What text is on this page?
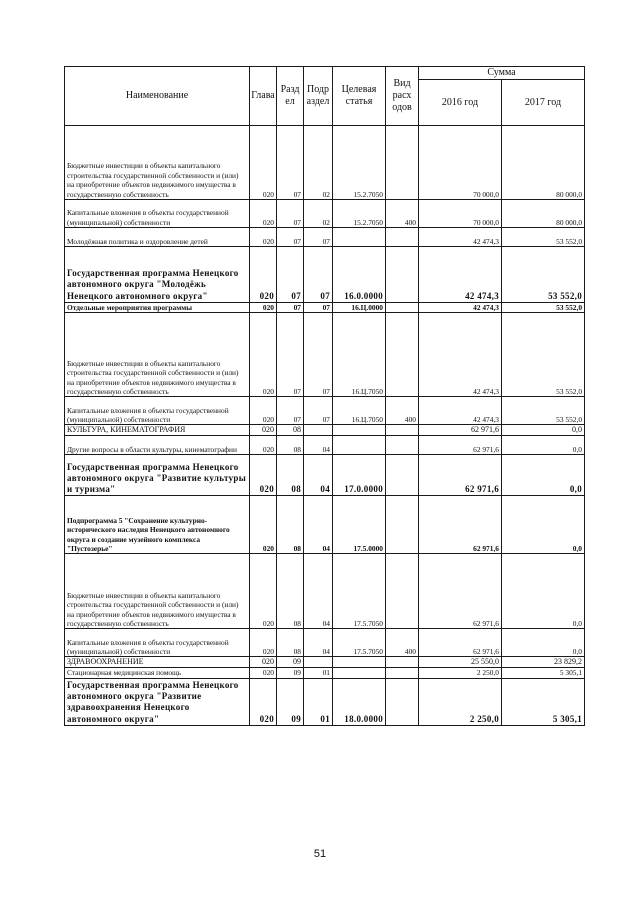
Наименование	Глава	Разд ел	Подр аздел	Целевая статья	Вид расх одов	Сумма	
						2016 год	2017 год
Бюджетные инвестиции в объекты капитального строительства государственной собственности и (или) на приобретение объектов недвижимого имущества в государственную собственность	020	07	02	15.2.7050		70 000,0	80 000,0
Капитальные вложения в объекты государственной (муниципальной) собственности	020	07	02	15.2.7050	400	70 000,0	80 000,0
Молодёжная политика и оздоровление детей	020	07	07			42 474,3	53 552,0
Государственная программа Ненецкого автономного округа "Молодёжь Ненецкого автономного округа"	020	07	07	16.0.0000		42 474,3	53 552,0
Отдельные мероприятия программы	020	07	07	16.Ц.0000		42 474,3	53 552,0
Бюджетные инвестиции в объекты капитального строительства государственной собственности и (или) на приобретение объектов недвижимого имущества в государственную собственность	020	07	07	16.Ц.7050		42 474,3	53 552,0
Капитальные вложения в объекты государственной (муниципальной) собственности	020	07	07	16.Ц.7050	400	42 474,3	53 552,0
КУЛЬТУРА, КИНЕМАТОГРАФИЯ	020	08				62 971,6	0,0
Другие вопросы в области культуры, кинематографии	020	08	04			62 971,6	0,0
Государственная программа Ненецкого автономного округа "Развитие культуры и туризма"	020	08	04	17.0.0000		62 971,6	0,0
Подпрограмма 5 "Сохранение культурно-исторического наследия Ненецкого автономного округа и создание музейного комплекса "Пустозерье"	020	08	04	17.5.0000		62 971,6	0,0
Бюджетные инвестиции в объекты капитального строительства государственной собственности и (или) на приобретение объектов недвижимого имущества в государственную собственность	020	08	04	17.5.7050		62 971,6	0,0
Капитальные вложения в объекты государственной (муниципальной) собственности	020	08	04	17.5.7050	400	62 971,6	0,0
ЗДРАВООХРАНЕНИЕ	020	09				25 550,0	23 829,2
Стационарная медицинская помощь	020	09	01			2 250,0	5 305,1
Государственная программа Ненецкого автономного округа "Развитие здравоохранения Ненецкого автономного округа"	020	09	01	18.0.0000		2 250,0	5 305,1
51
